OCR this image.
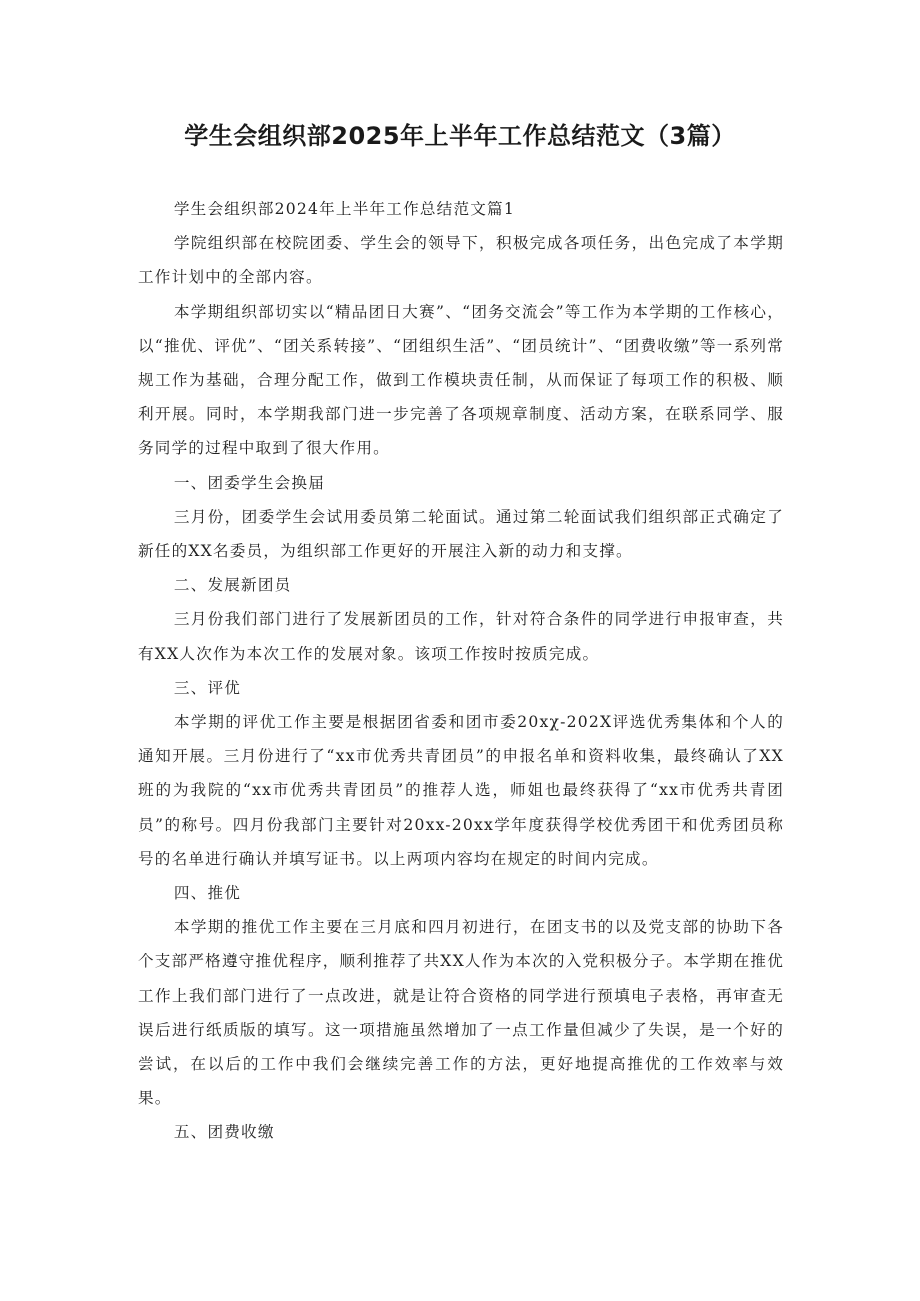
学生会组织部2025年上半年工作总结范文（3篇）

学生会组织部2024年上半年工作总结范文篇1

学院组织部在校院团委、学生会的领导下，积极完成各项任务，出色完成了本学期工作计划中的全部内容。

本学期组织部切实以“精品团日大赛”、“团务交流会”等工作为本学期的工作核心，以“推优、评优”、“团关系转接”、“团组织生活”、“团员统计”、“团费收缴”等一系列常规工作为基础，合理分配工作，做到工作模块责任制，从而保证了每项工作的积极、顺利开展。同时，本学期我部门进一步完善了各项规章制度、活动方案，在联系同学、服务同学的过程中取到了很大作用。

一、团委学生会换届

三月份，团委学生会试用委员第二轮面试。通过第二轮面试我们组织部正式确定了新任的XX名委员，为组织部工作更好的开展注入新的动力和支撑。

二、发展新团员

三月份我们部门进行了发展新团员的工作，针对符合条件的同学进行申报审查，共有XX人次作为本次工作的发展对象。该项工作按时按质完成。

三、评优

本学期的评优工作主要是根据团省委和团市委20xχ-202X评选优秀集体和个人的通知开展。三月份进行了“xx市优秀共青团员”的申报名单和资料收集，最终确认了XX班的为我院的“xx市优秀共青团员”的推荐人选，师姐也最终获得了“xx市优秀共青团员”的称号。四月份我部门主要针对20xx-20xx学年度获得学校优秀团干和优秀团员称号的名单进行确认并填写证书。以上两项内容均在规定的时间内完成。

四、推优

本学期的推优工作主要在三月底和四月初进行，在团支书的以及党支部的协助下各个支部严格遵守推优程序，顺利推荐了共XX人作为本次的入党积极分子。本学期在推优工作上我们部门进行了一点改进，就是让符合资格的同学进行预填电子表格，再审查无误后进行纸质版的填写。这一项措施虽然增加了一点工作量但减少了失误，是一个好的尝试，在以后的工作中我们会继续完善工作的方法，更好地提高推优的工作效率与效果。

五、团费收缴
